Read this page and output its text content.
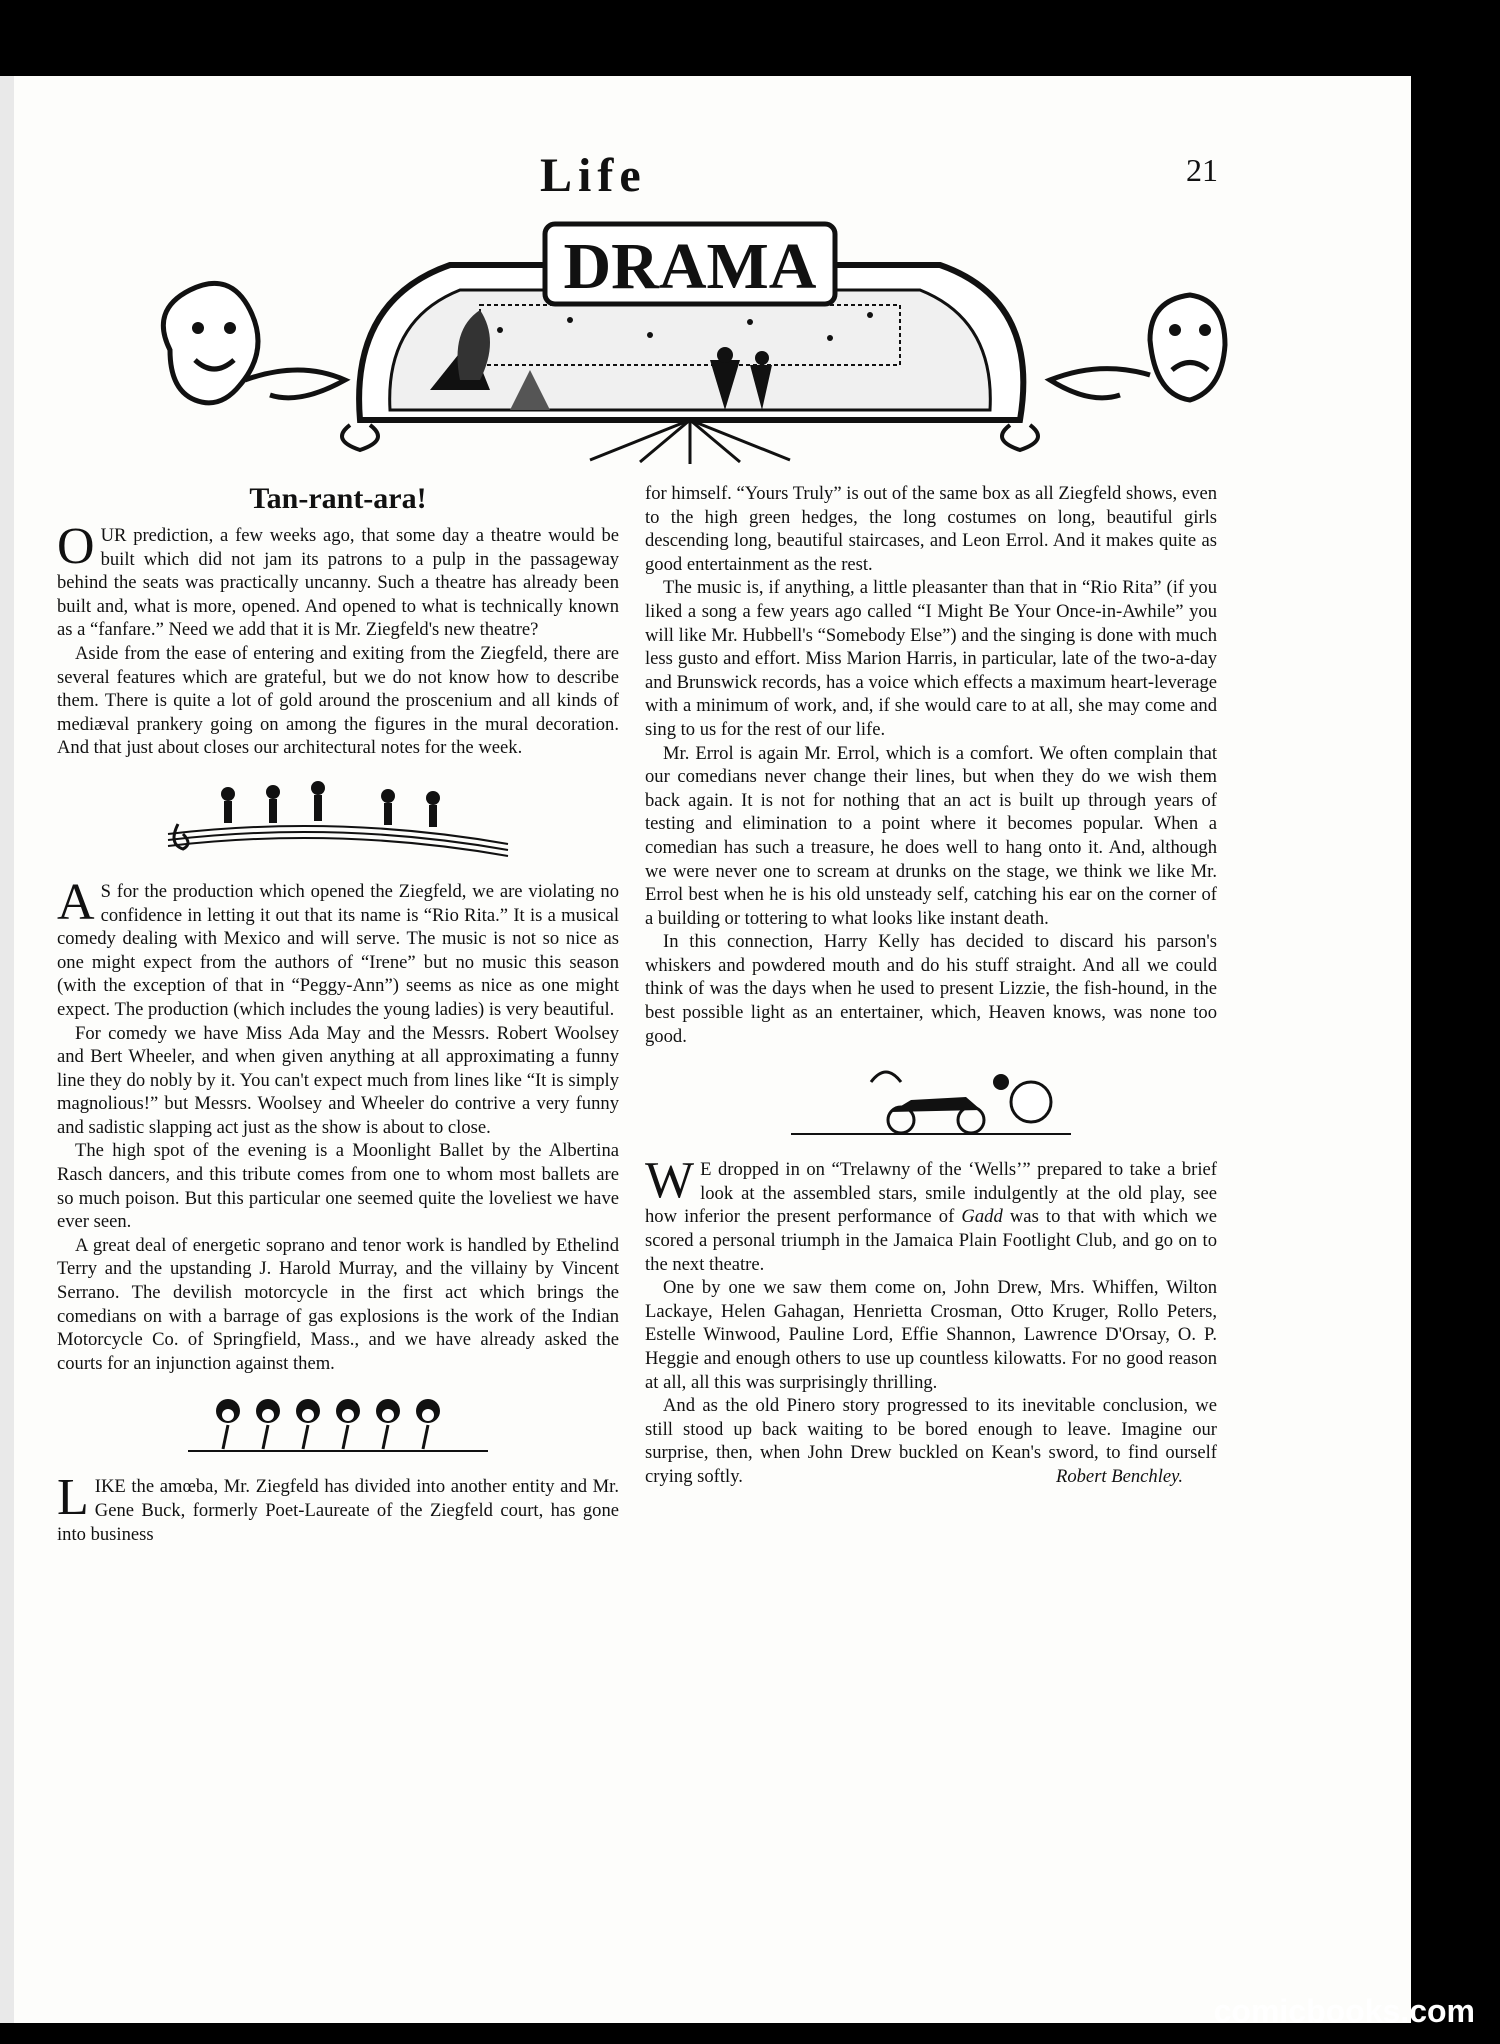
Life	21
DRAMA
Tan-rant-ara!

OUR prediction, a few weeks ago, that some day a theatre would be built which did not jam its patrons to a pulp in the passageway behind the seats was practically uncanny. Such a theatre has already been built and, what is more, opened. And opened to what is technically known as a “fanfare.” Need we add that it is Mr. Ziegfeld's new theatre?

Aside from the ease of entering and exiting from the Ziegfeld, there are several features which are grateful, but we do not know how to describe them. There is quite a lot of gold around the proscenium and all kinds of mediæval prankery going on among the figures in the mural decoration. And that just about closes our architectural notes for the week.

A S for the production which opened the Ziegfeld, we are violating no confidence in letting it out that its name is “Rio Rita.” It is a musical comedy dealing with Mexico and will serve. The music is not so nice as one might expect from the authors of “Irene” but no music this season (with the exception of that in “Peggy-Ann”) seems as nice as one might expect. The production (which includes the young ladies) is very beautiful.

For comedy we have Miss Ada May and the Messrs. Robert Woolsey and Bert Wheeler, and when given anything at all approximating a funny line they do nobly by it. You can't expect much from lines like “It is simply magnolious!” but Messrs. Woolsey and Wheeler do contrive a very funny and sadistic slapping act just as the show is about to close.

The high spot of the evening is a Moonlight Ballet by the Albertina Rasch dancers, and this tribute comes from one to whom most ballets are so much poison. But this particular one seemed quite the loveliest we have ever seen.

A great deal of energetic soprano and tenor work is handled by Ethelind Terry and the upstanding J. Harold Murray, and the villainy by Vincent Serrano. The devilish motorcycle in the first act which brings the comedians on with a barrage of gas explosions is the work of the Indian Motorcycle Co. of Springfield, Mass., and we have already asked the courts for an injunction against them.

LIKE the amœba, Mr. Ziegfeld has divided into another entity and Mr. Gene Buck, formerly Poet-Laureate of the Ziegfeld court, has gone into business

for himself. “Yours Truly” is out of the same box as all Ziegfeld shows, even to the high green hedges, the long costumes on long, beautiful girls descending long, beautiful staircases, and Leon Errol. And it makes quite as good entertainment as the rest.

The music is, if anything, a little pleasanter than that in “Rio Rita” (if you liked a song a few years ago called “I Might Be Your Once-in-Awhile” you will like Mr. Hubbell's “Somebody Else”) and the singing is done with much less gusto and effort. Miss Marion Harris, in particular, late of the two-a-day and Brunswick records, has a voice which effects a maximum heart-leverage with a minimum of work, and, if she would care to at all, she may come and sing to us for the rest of our life.

Mr. Errol is again Mr. Errol, which is a comfort. We often complain that our comedians never change their lines, but when they do we wish them back again. It is not for nothing that an act is built up through years of testing and elimination to a point where it becomes popular. When a comedian has such a treasure, he does well to hang onto it. And, although we were never one to scream at drunks on the stage, we think we like Mr. Errol best when he is his old unsteady self, catching his ear on the corner of a building or tottering to what looks like instant death.

In this connection, Harry Kelly has decided to discard his parson's whiskers and powdered mouth and do his stuff straight. And all we could think of was the days when he used to present Lizzie, the fish-hound, in the best possible light as an entertainer, which, Heaven knows, was none too good.

W E dropped in on “Trelawny of the ‘Wells’” prepared to take a brief look at the assembled stars, smile indulgently at the old play, see how inferior the present performance of Gadd was to that with which we scored a personal triumph in the Jamaica Plain Footlight Club, and go on to the next theatre.

One by one we saw them come on, John Drew, Mrs. Whiffen, Wilton Lackaye, Helen Gahagan, Henrietta Crosman, Otto Kruger, Rollo Peters, Estelle Winwood, Pauline Lord, Effie Shannon, Lawrence D'Orsay, O. P. Heggie and enough others to use up countless kilowatts. For no good reason at all, all this was surprisingly thrilling.

And as the old Pinero story progressed to its inevitable conclusion, we still stood up back waiting to be bored enough to leave. Imagine our surprise, then, when John Drew buckled on Kean's sword, to find ourself crying softly.	Robert Benchley.

comicbooks.com
